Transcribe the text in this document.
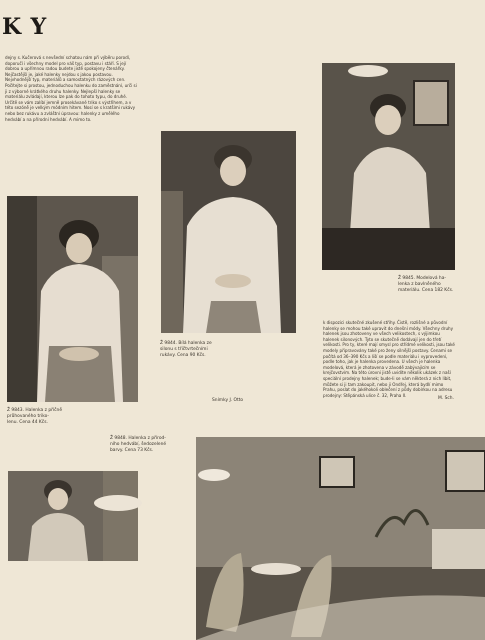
KY
dejny s. Kučerová s nevšední schatou nám při výběru porodí, doporučí i všechny model pro váš typ, postavu i stáří. S její dobrou a upřímnou radou budete jistě spokojeny čtenářky. Nejčastější je, jaké halenky nejdou s jakou postavou. Nejvhodnější typ, materiálů a samostatných rázových cen. Počítejte si prostou, jednoduchou halenku do zaměstnání, urči si ji z výborné krátkého druhu halenky. Nejlepší halenky se materiálu zvládají, kterou lze pak do tohoto typu, do druhé. Určitě se vám zalíbí jemně prosekávané triko s výstřihem, a v této sezóně je velkým módním hitem. Nosí se s kratšími rukávy nebo bez rukávu a zvláštní úpravou: halenky z umělého hedvábí a na přírodní hedvábí. A mimo to.
Ž 9843. Halenka z příčně
průhovaného triko-
lenu. Cena 44 Kčs.
Ž 9844. Bílá halenka ze
silonu s třičtvrtečními
rukávy. Cena 90 Kčs.
Snímky J. Otto
Ž 9845. Modelová ha-
lenka z bavlněného
materiálu. Cena 182 Kčs.
Ž 9848. Halenka z přírod-
ního hedvábí, šedozelené
barvy. Cena 73 Kčs.
k dispozici skutečné zkušené střihy. Čistě, rozlišné a původní halenky se mohou také upravit do dnešní módy. Všechny druhy halenek jsou zhotoveny ve všech velikostech, s výjimkou halenek silonových. Tyto se skutečně dodávají jen do třetí velikosti. Pro ty, které mají smysl pro střídmé velikosti, jsou také modely připravovány také pro ženy silnější postavy. Cenami se počítá od 36–390 Kčs a liší se podle materiálu i vyprovedení, podle toho, jak je halenka provedena. U všech je halenka modelová, která je zhotovena v závodě zabývajícím se krejčovstvím. Na této úrovni jistě uvidíte několik ukázek z naší speciální prodejny halenek; bude-li se vám některá z nich líbit, můžete si ji tam zakoupit, nebo ji Ondřej, která bydlí mimo Prahu, poslat do jakéhokoli oblečení z půdy dobírkou na adresu prodejny: Stěpánská ulice č. 32, Praha II.
M. Sch.
